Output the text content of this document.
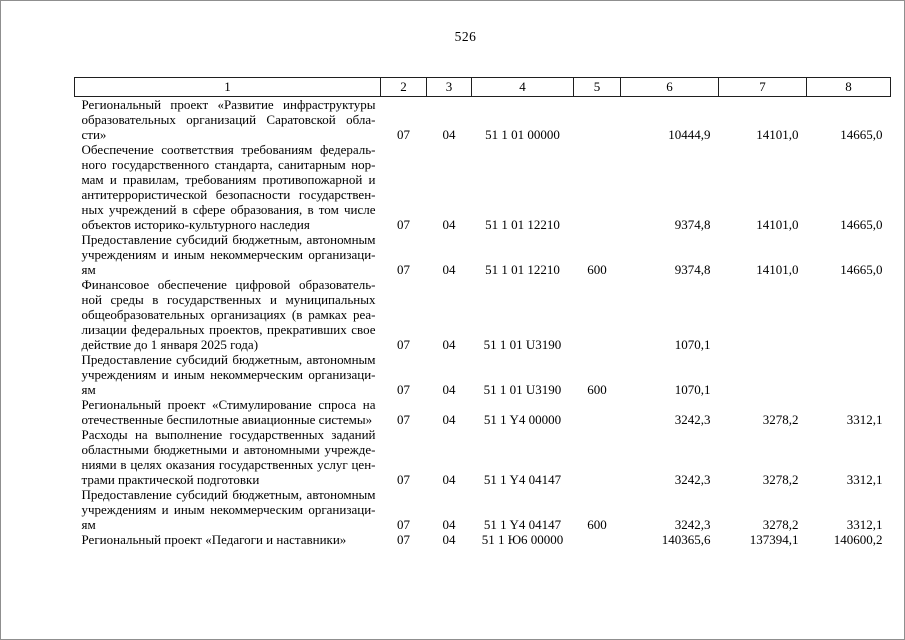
526
1	2	3	4	5	6	7	8

Региональный проект «Развитие инфраструктуры
образовательных организаций Саратовской обла-
сти»	07	04	51 1 01 00000		10444,9	14101,0	14665,0

Обеспечение соответствия требованиям федераль-
ного государственного стандарта, санитарным нор-
мам и правилам, требованиям противопожарной и
антитеррористической безопасности государствен-
ных учреждений в сфере образования, в том числе
объектов историко-культурного наследия	07	04	51 1 01 12210		9374,8	14101,0	14665,0

Предоставление субсидий бюджетным, автономным
учреждениям и иным некоммерческим организаци-
ям	07	04	51 1 01 12210	600	9374,8	14101,0	14665,0

Финансовое обеспечение цифровой образователь-
ной среды в государственных и муниципальных
общеобразовательных организациях (в рамках реа-
лизации федеральных проектов, прекративших свое
действие до 1 января 2025 года)	07	04	51 1 01 U3190		1070,1		

Предоставление субсидий бюджетным, автономным
учреждениям и иным некоммерческим организаци-
ям	07	04	51 1 01 U3190	600	1070,1		

Региональный проект «Стимулирование спроса на
отечественные беспилотные авиационные системы»	07	04	51 1 Y4 00000		3242,3	3278,2	3312,1

Расходы на выполнение государственных заданий
областными бюджетными и автономными учрежде-
ниями в целях оказания государственных услуг цен-
трами практической подготовки	07	04	51 1 Y4 04147		3242,3	3278,2	3312,1

Предоставление субсидий бюджетным, автономным
учреждениям и иным некоммерческим организаци-
ям	07	04	51 1 Y4 04147	600	3242,3	3278,2	3312,1

Региональный проект «Педагоги и наставники»	07	04	51 1 Ю6 00000		140365,6	137394,1	140600,2
